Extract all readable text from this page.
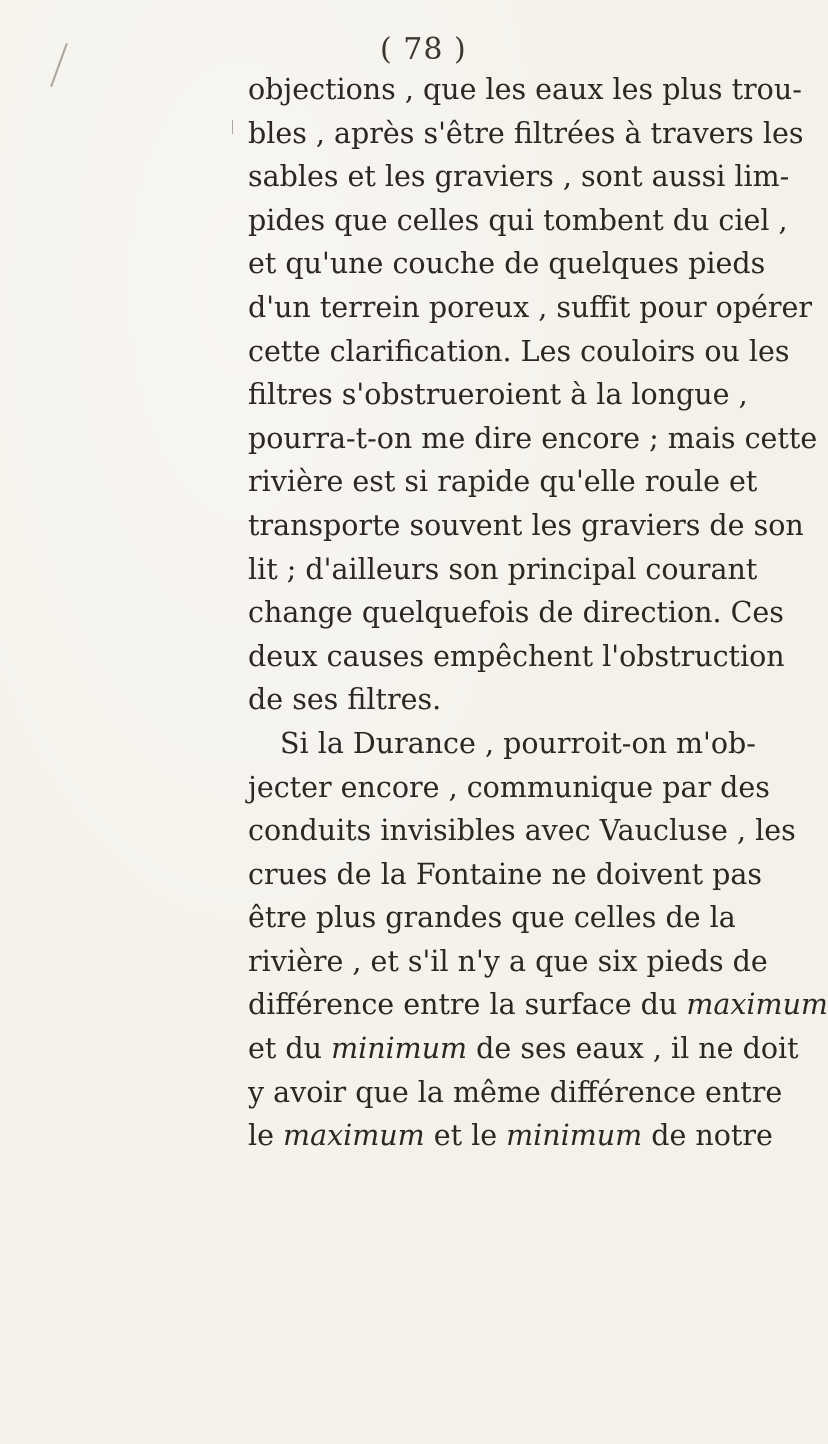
( 78 )
objections , que les eaux les plus trou-
bles , après s'être filtrées à travers les
sables et les graviers , sont aussi lim-
pides que celles qui tombent du ciel ,
et qu'une couche de quelques pieds
d'un terrein poreux , suffit pour opérer
cette clarification. Les couloirs ou les
filtres s'obstrueroient à la longue ,
pourra-t-on me dire encore ; mais cette
rivière est si rapide qu'elle roule et
transporte souvent les graviers de son
lit ; d'ailleurs son principal courant
change quelquefois de direction. Ces
deux causes empêchent l'obstruction
de ses filtres.
Si la Durance , pourroit-on m'ob-
jecter encore , communique par des
conduits invisibles avec Vaucluse , les
crues de la Fontaine ne doivent pas
être plus grandes que celles de la
rivière , et s'il n'y a que six pieds de
différence entre la surface du maximum
et du minimum de ses eaux , il ne doit
y avoir que la même différence entre
le maximum et le minimum de notre
